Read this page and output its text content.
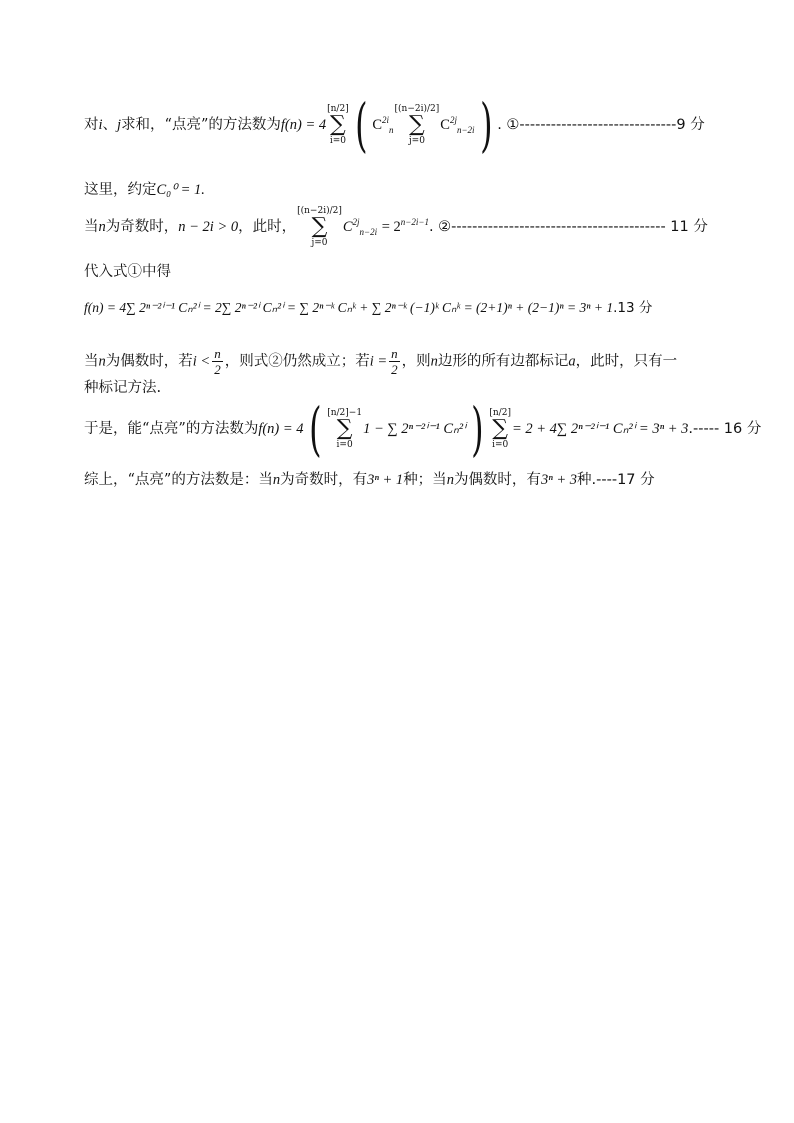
对i、j求和，“点亮”的方法数为f(n) = 4
[n/2]
∑
i=0 ( $C^{2i}_n$
[(n−2i)/2]
∑
j=0
$C^{2j}_{n-2i}$) . ①------------------------------9 分
这里，约定C₀⁰ = 1.
当n为奇数时，n − 2i > 0，此时，
[(n−2i)/2]
∑
j=0
$C^{2j}_{n-2i} = 2^{n-2i-1}$. ②----------------------------------------- 11 分
代入式①中得
f(n) = 4∑ 2ⁿ⁻²ⁱ⁻¹ Cₙ²ⁱ = 2∑ 2ⁿ⁻²ⁱ Cₙ²ⁱ = ∑ 2ⁿ⁻ᵏ Cₙᵏ + ∑ 2ⁿ⁻ᵏ (−1)ᵏ Cₙᵏ = (2+1)ⁿ + (2−1)ⁿ = 3ⁿ + 1.13 分
当n为偶数时，若$i < \frac{n}{2}$ ，则式②仍然成立；若$i = \frac{n}{2}$ ，则n边形的所有边都标记a，此时，只有一
种标记方法.
于是，能“点亮”的方法数为f(n) = 4( [n/2]−1
∑
i=0
1 − ∑ 2ⁿ⁻²ⁱ⁻¹ Cₙ²ⁱ) [n/2]
∑
i=0
= 2 + 4∑ 2ⁿ⁻²ⁱ⁻¹ Cₙ²ⁱ = 3ⁿ + 3.----- 16 分
综上，“点亮”的方法数是：当n为奇数时，有3ⁿ + 1种；当n为偶数时，有3ⁿ + 3种.----17 分
